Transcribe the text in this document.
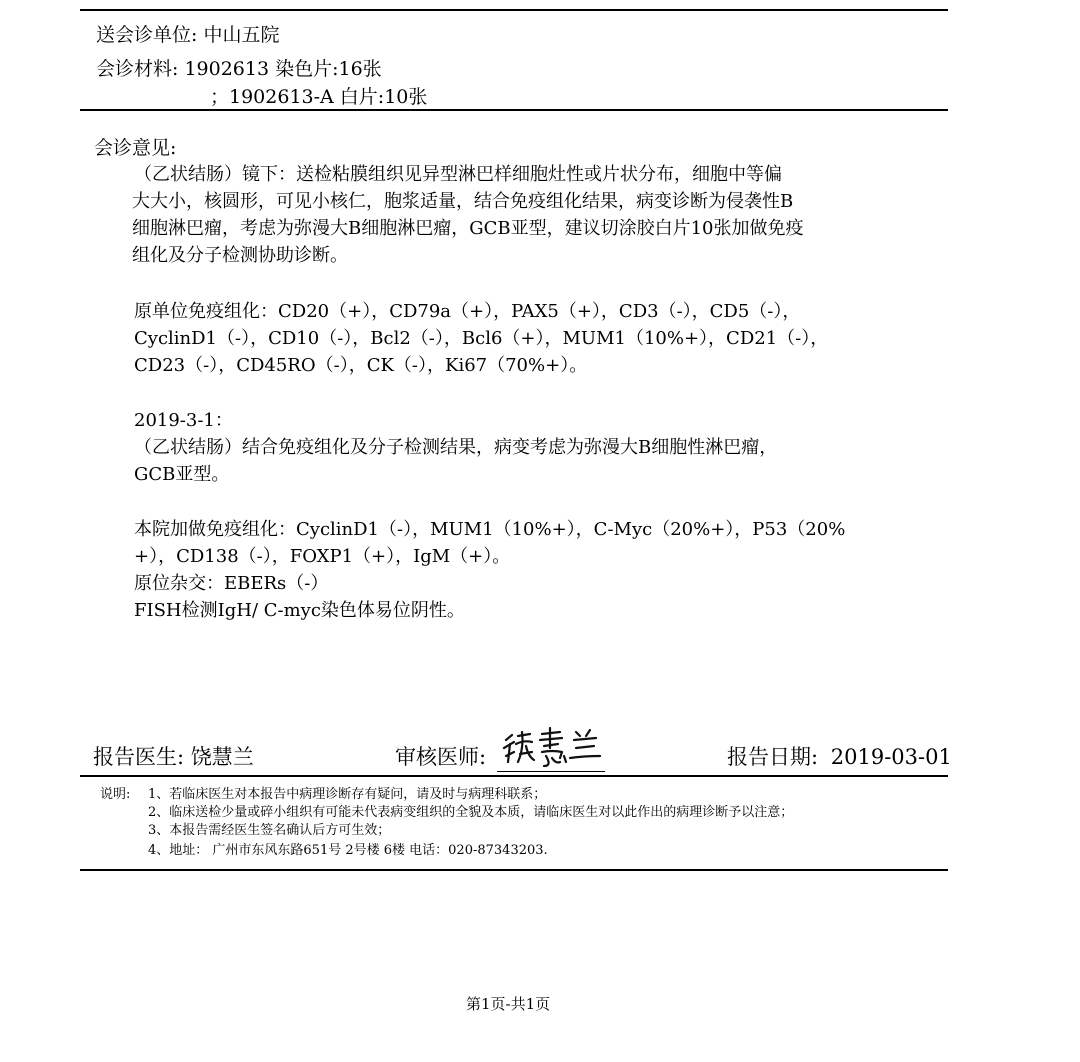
送会诊单位: 中山五院
会诊材料: 1902613 染色片:16张
；1902613-A 白片:10张
会诊意见:
（乙状结肠）镜下：送检粘膜组织见异型淋巴样细胞灶性或片状分布，细胞中等偏
大大小，核圆形，可见小核仁，胞浆适量，结合免疫组化结果，病变诊断为侵袭性B
细胞淋巴瘤，考虑为弥漫大B细胞淋巴瘤，GCB亚型，建议切涂胶白片10张加做免疫
组化及分子检测协助诊断。
原单位免疫组化：CD20（+），CD79a（+），PAX5（+），CD3（-），CD5（-），
CyclinD1（-），CD10（-），Bcl2（-），Bcl6（+），MUM1（10%+），CD21（-），
CD23（-），CD45RO（-），CK（-），Ki67（70%+）。
2019-3-1：
（乙状结肠）结合免疫组化及分子检测结果，病变考虑为弥漫大B细胞性淋巴瘤，
GCB亚型。
本院加做免疫组化：CyclinD1（-），MUM1（10%+），C-Myc（20%+），P53（20%
+），CD138（-），FOXP1（+），IgM（+）。
原位杂交：EBERs（-）
FISH检测IgH/ C-myc染色体易位阴性。
报告医生: 饶慧兰	审核医师:	报告日期: 2019-03-01
说明: 1、若临床医生对本报告中病理诊断存有疑问，请及时与病理科联系；
2、临床送检少量或碎小组织有可能未代表病变组织的全貌及本质，请临床医生对以此作出的病理诊断予以注意；
3、本报告需经医生签名确认后方可生效；
4、地址： 广州市东风东路651号 2号楼 6楼 电话：020-87343203.
第1页-共1页
